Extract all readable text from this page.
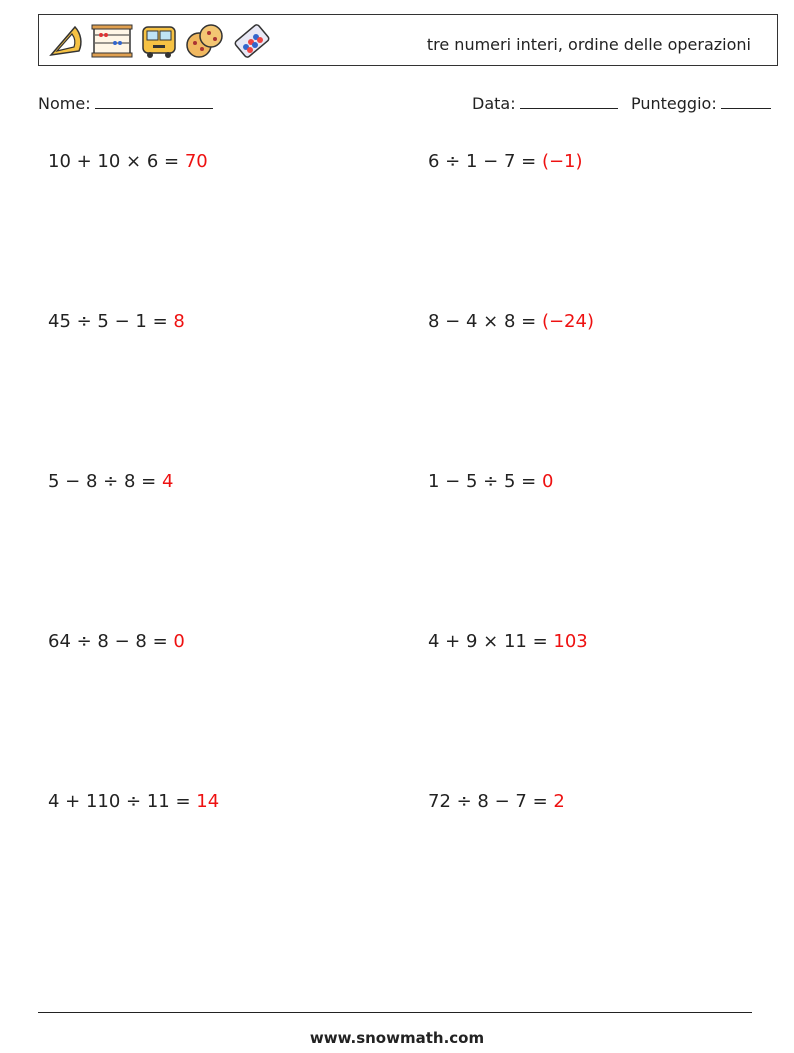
tre numeri interi, ordine delle operazioni
Nome:	Data:	Punteggio:
10 + 10 × 6 = 70	6 ÷ 1 − 7 = (−1)
45 ÷ 5 − 1 = 8	8 − 4 × 8 = (−24)
5 − 8 ÷ 8 = 4	1 − 5 ÷ 5 = 0
64 ÷ 8 − 8 = 0	4 + 9 × 11 = 103
4 + 110 ÷ 11 = 14	72 ÷ 8 − 7 = 2
www.snowmath.com
